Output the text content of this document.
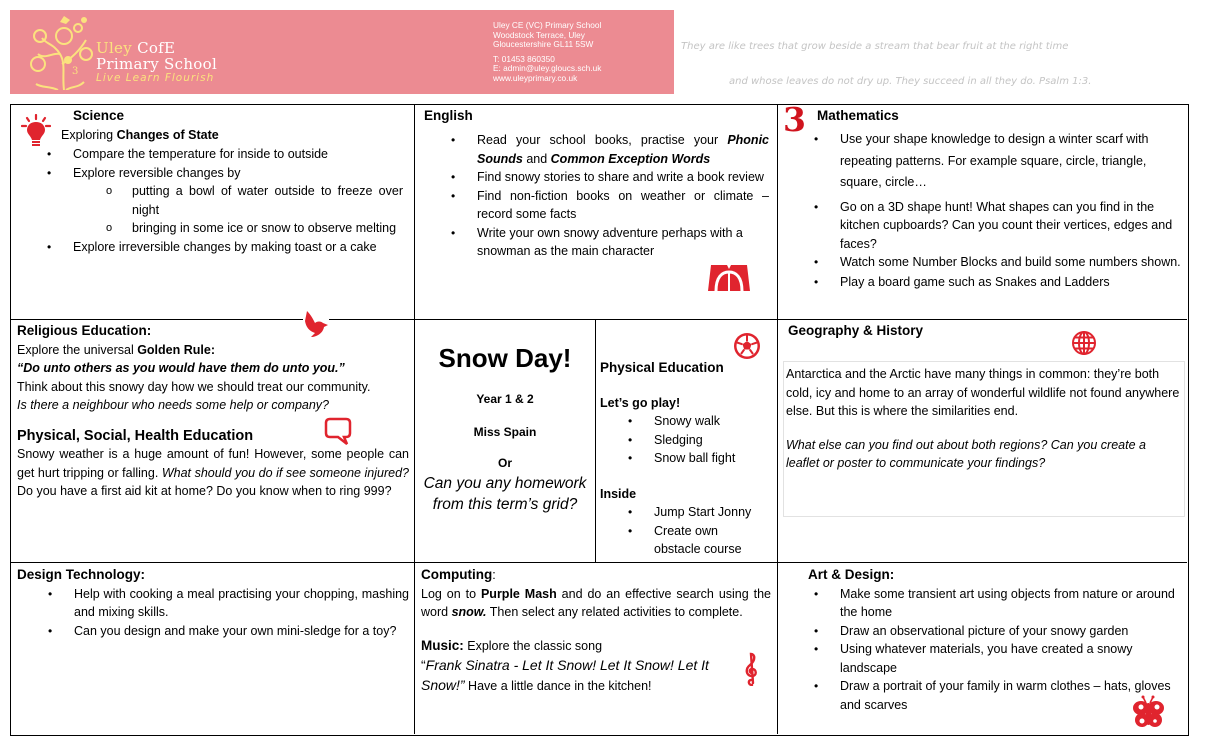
3
Uley CofE
Primary School
Live Learn Flourish
Uley CE (VC) Primary School
Woodstock Terrace, Uley
Gloucestershire GL11 5SW
T: 01453 860350
E: admin@uley.gloucs.sch.uk
www.uleyprimary.co.uk
They are like trees that grow beside a stream that bear fruit at the right time
and whose leaves do not dry up. They succeed in all they do. Psalm 1:3.
Science
Exploring Changes of State
• Compare the temperature for inside to outside
• Explore reversible changes by
o putting a bowl of water outside to freeze over night
o bringing in some ice or snow to observe melting
• Explore irreversible changes by making toast or a cake
English
• Read your school books, practise your Phonic Sounds and Common Exception Words
• Find snowy stories to share and write a book review
• Find non-fiction books on weather or climate – record some facts
• Write your own snowy adventure perhaps with a snowman as the main character
3 Mathematics
• Use your shape knowledge to design a winter scarf with repeating patterns. For example square, circle, triangle, square, circle…
• Go on a 3D shape hunt! What shapes can you find in the kitchen cupboards? Can you count their vertices, edges and faces?
• Watch some Number Blocks and build some numbers shown.
• Play a board game such as Snakes and Ladders
Religious Education:

Explore the universal Golden Rule:

“Do unto others as you would have them do unto you.”

Think about this snowy day how we should treat our community.

Is there a neighbour who needs some help or company?

Physical, Social, Health Education

Snowy weather is a huge amount of fun! However, some people can get hurt tripping or falling. What should you do if see someone injured? Do you have a first aid kit at home? Do you know when to ring 999?

Snow Day!
Year 1 & 2
Miss Spain
Or
Can you any homework from this term’s grid?
Physical Education
Let’s go play!
• Snowy walk
• Sledging
• Snow ball fight
Inside
• Jump Start Jonny
• Create own obstacle course
Geography & History

Antarctica and the Arctic have many things in common: they’re both cold, icy and home to an array of wonderful wildlife not found anywhere else. But this is where the similarities end.

What else can you find out about both regions? Can you create a leaflet or poster to communicate your findings?

Design Technology:
• Help with cooking a meal practising your chopping, mashing and mixing skills.
• Can you design and make your own mini-sledge for a toy?
Computing:

Log on to Purple Mash and do an effective search using the word snow. Then select any related activities to complete.

Music: Explore the classic song

“Frank Sinatra - Let It Snow! Let It Snow! Let It Snow!” Have a little dance in the kitchen!

Art & Design:
• Make some transient art using objects from nature or around the home
• Draw an observational picture of your snowy garden
• Using whatever materials, you have created a snowy landscape
• Draw a portrait of your family in warm clothes – hats, gloves and scarves
